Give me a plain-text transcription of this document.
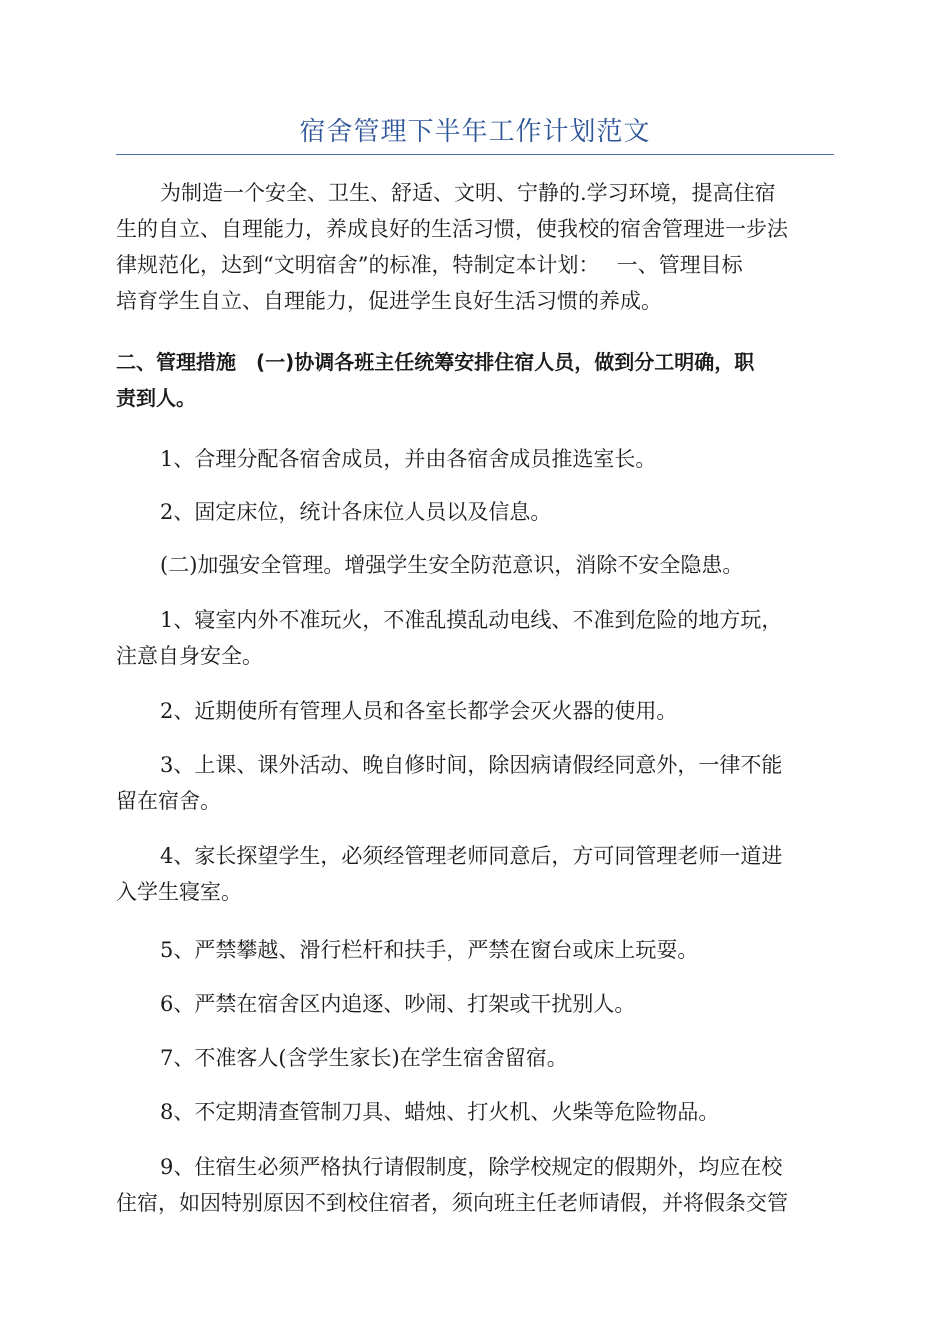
宿舍管理下半年工作计划范文

为制造一个安全、卫生、舒适、文明、宁静的.学习环境，提高住宿
生的自立、自理能力，养成良好的生活习惯，使我校的宿舍管理进一步法
律规范化，达到“文明宿舍”的标准，特制定本计划：　 一、管理目标
培育学生自立、自理能力，促进学生良好生活习惯的养成。

二、管理措施　(一)协调各班主任统筹安排住宿人员，做到分工明确，职
责到人。

1、合理分配各宿舍成员，并由各宿舍成员推选室长。

2、固定床位，统计各床位人员以及信息。

(二)加强安全管理。增强学生安全防范意识，消除不安全隐患。

1、寝室内外不准玩火，不准乱摸乱动电线、不准到危险的地方玩，
注意自身安全。

2、近期使所有管理人员和各室长都学会灭火器的使用。

3、上课、课外活动、晚自修时间，除因病请假经同意外，一律不能
留在宿舍。

4、家长探望学生，必须经管理老师同意后，方可同管理老师一道进
入学生寝室。

5、严禁攀越、滑行栏杆和扶手，严禁在窗台或床上玩耍。

6、严禁在宿舍区内追逐、吵闹、打架或干扰别人。

7、不准客人(含学生家长)在学生宿舍留宿。

8、不定期清查管制刀具、蜡烛、打火机、火柴等危险物品。

9、住宿生必须严格执行请假制度，除学校规定的假期外，均应在校
住宿，如因特别原因不到校住宿者，须向班主任老师请假，并将假条交管
